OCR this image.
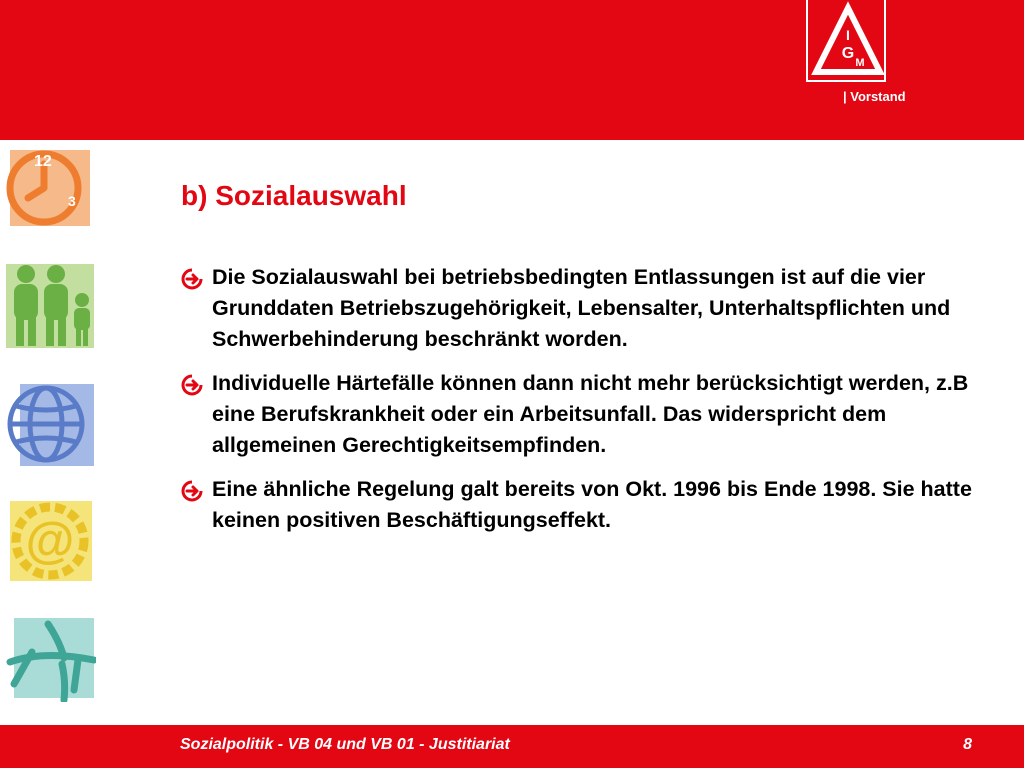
I
G
M
| Vorstand
12
3
@
b) Sozialauswahl
Die Sozialauswahl bei betriebsbedingten Entlassungen ist auf die vier Grunddaten Betriebszugehörigkeit, Lebensalter, Unterhaltspflichten und Schwerbehinderung beschränkt worden.
Individuelle Härtefälle können dann nicht mehr berücksichtigt werden, z.B eine Berufskrankheit oder ein Arbeitsunfall. Das widerspricht dem allgemeinen Gerechtigkeitsempfinden.
Eine ähnliche Regelung galt bereits von Okt. 1996 bis Ende 1998. Sie hatte keinen positiven Beschäftigungseffekt.
Sozialpolitik - VB 04 und VB 01 - Justitiariat	8
